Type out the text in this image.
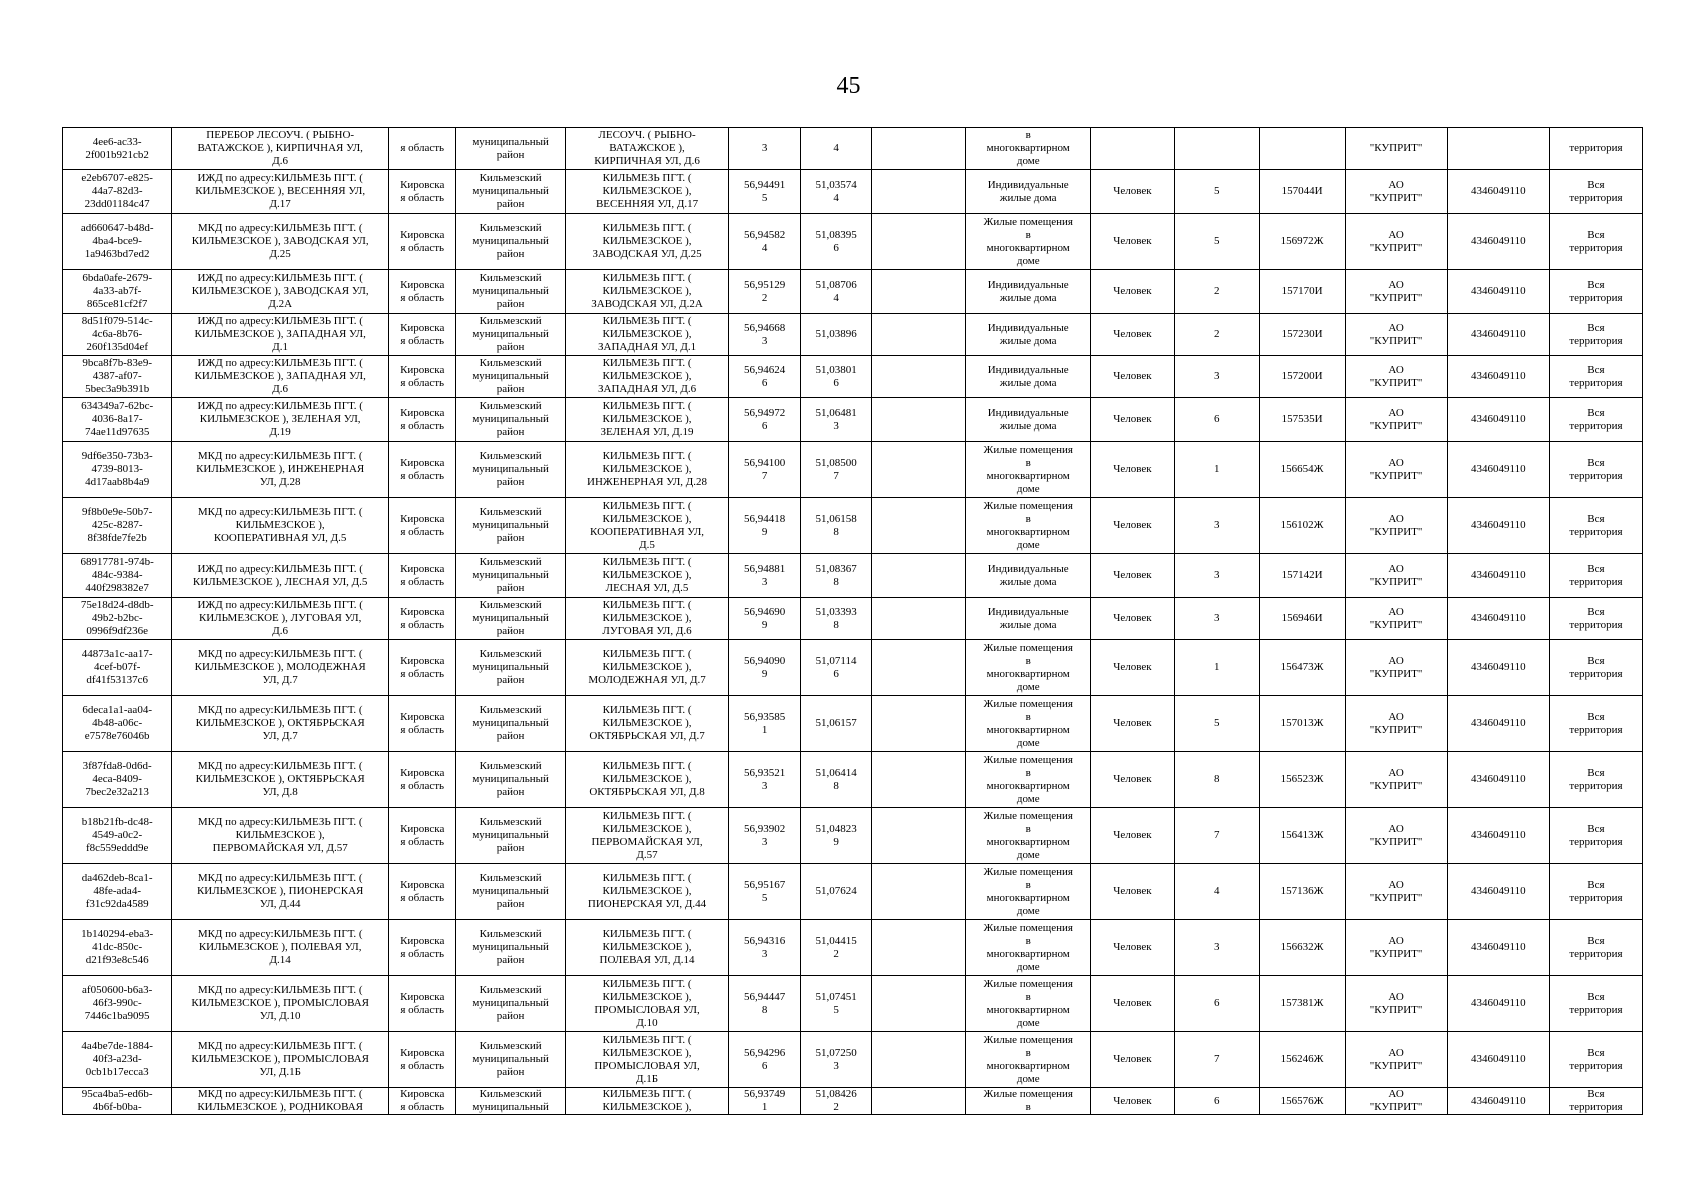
45
4ee6-ac33-
2f001b921cb2	ПЕРЕБОР ЛЕСОУЧ. ( РЫБНО-
ВАТАЖСКОЕ ), КИРПИЧНАЯ УЛ,
Д.6	я область	муниципальный
район	ЛЕСОУЧ. ( РЫБНО-
ВАТАЖСКОЕ ),
КИРПИЧНАЯ УЛ, Д.6	3	4		в
многоквартирном
доме				"КУПРИТ"		территория

e2eb6707-e825-
44a7-82d3-
23dd01184c47	ИЖД по адресу:КИЛЬМЕЗЬ ПГТ. (
КИЛЬМЕЗСКОЕ ), ВЕСЕННЯЯ УЛ,
Д.17	Кировска
я область	Кильмезский
муниципальный
район	КИЛЬМЕЗЬ ПГТ. (
КИЛЬМЕЗСКОЕ ),
ВЕСЕННЯЯ УЛ, Д.17	56,94491
5	51,03574
4		Индивидуальные
жилые дома	Человек	5	157044И	АО
"КУПРИТ"	4346049110	Вся
территория

ad660647-b48d-
4ba4-bce9-
1a9463bd7ed2	МКД по адресу:КИЛЬМЕЗЬ ПГТ. (
КИЛЬМЕЗСКОЕ ), ЗАВОДСКАЯ УЛ,
Д.25	Кировска
я область	Кильмезский
муниципальный
район	КИЛЬМЕЗЬ ПГТ. (
КИЛЬМЕЗСКОЕ ),
ЗАВОДСКАЯ УЛ, Д.25	56,94582
4	51,08395
6		Жилые помещения
в
многоквартирном
доме	Человек	5	156972Ж	АО
"КУПРИТ"	4346049110	Вся
территория

6bda0afe-2679-
4a33-ab7f-
865ce81cf2f7	ИЖД по адресу:КИЛЬМЕЗЬ ПГТ. (
КИЛЬМЕЗСКОЕ ), ЗАВОДСКАЯ УЛ,
Д.2А	Кировска
я область	Кильмезский
муниципальный
район	КИЛЬМЕЗЬ ПГТ. (
КИЛЬМЕЗСКОЕ ),
ЗАВОДСКАЯ УЛ, Д.2А	56,95129
2	51,08706
4		Индивидуальные
жилые дома	Человек	2	157170И	АО
"КУПРИТ"	4346049110	Вся
территория

8d51f079-514c-
4c6a-8b76-
260f135d04ef	ИЖД по адресу:КИЛЬМЕЗЬ ПГТ. (
КИЛЬМЕЗСКОЕ ), ЗАПАДНАЯ УЛ,
Д.1	Кировска
я область	Кильмезский
муниципальный
район	КИЛЬМЕЗЬ ПГТ. (
КИЛЬМЕЗСКОЕ ),
ЗАПАДНАЯ УЛ, Д.1	56,94668
3	51,03896		Индивидуальные
жилые дома	Человек	2	157230И	АО
"КУПРИТ"	4346049110	Вся
территория

9bca8f7b-83e9-
4387-af07-
5bec3a9b391b	ИЖД по адресу:КИЛЬМЕЗЬ ПГТ. (
КИЛЬМЕЗСКОЕ ), ЗАПАДНАЯ УЛ,
Д.6	Кировска
я область	Кильмезский
муниципальный
район	КИЛЬМЕЗЬ ПГТ. (
КИЛЬМЕЗСКОЕ ),
ЗАПАДНАЯ УЛ, Д.6	56,94624
6	51,03801
6		Индивидуальные
жилые дома	Человек	3	157200И	АО
"КУПРИТ"	4346049110	Вся
территория

634349a7-62bc-
4036-8a17-
74ae11d97635	ИЖД по адресу:КИЛЬМЕЗЬ ПГТ. (
КИЛЬМЕЗСКОЕ ), ЗЕЛЕНАЯ УЛ,
Д.19	Кировска
я область	Кильмезский
муниципальный
район	КИЛЬМЕЗЬ ПГТ. (
КИЛЬМЕЗСКОЕ ),
ЗЕЛЕНАЯ УЛ, Д.19	56,94972
6	51,06481
3		Индивидуальные
жилые дома	Человек	6	157535И	АО
"КУПРИТ"	4346049110	Вся
территория

9df6e350-73b3-
4739-8013-
4d17aab8b4a9	МКД по адресу:КИЛЬМЕЗЬ ПГТ. (
КИЛЬМЕЗСКОЕ ), ИНЖЕНЕРНАЯ
УЛ, Д.28	Кировска
я область	Кильмезский
муниципальный
район	КИЛЬМЕЗЬ ПГТ. (
КИЛЬМЕЗСКОЕ ),
ИНЖЕНЕРНАЯ УЛ, Д.28	56,94100
7	51,08500
7		Жилые помещения
в
многоквартирном
доме	Человек	1	156654Ж	АО
"КУПРИТ"	4346049110	Вся
территория

9f8b0e9e-50b7-
425c-8287-
8f38fde7fe2b	МКД по адресу:КИЛЬМЕЗЬ ПГТ. (
КИЛЬМЕЗСКОЕ ),
КООПЕРАТИВНАЯ УЛ, Д.5	Кировска
я область	Кильмезский
муниципальный
район	КИЛЬМЕЗЬ ПГТ. (
КИЛЬМЕЗСКОЕ ),
КООПЕРАТИВНАЯ УЛ,
Д.5	56,94418
9	51,06158
8		Жилые помещения
в
многоквартирном
доме	Человек	3	156102Ж	АО
"КУПРИТ"	4346049110	Вся
территория

68917781-974b-
484c-9384-
440f298382e7	ИЖД по адресу:КИЛЬМЕЗЬ ПГТ. (
КИЛЬМЕЗСКОЕ ), ЛЕСНАЯ УЛ, Д.5	Кировска
я область	Кильмезский
муниципальный
район	КИЛЬМЕЗЬ ПГТ. (
КИЛЬМЕЗСКОЕ ),
ЛЕСНАЯ УЛ, Д.5	56,94881
3	51,08367
8		Индивидуальные
жилые дома	Человек	3	157142И	АО
"КУПРИТ"	4346049110	Вся
территория

75e18d24-d8db-
49b2-b2bc-
0996f9df236e	ИЖД по адресу:КИЛЬМЕЗЬ ПГТ. (
КИЛЬМЕЗСКОЕ ), ЛУГОВАЯ УЛ,
Д.6	Кировска
я область	Кильмезский
муниципальный
район	КИЛЬМЕЗЬ ПГТ. (
КИЛЬМЕЗСКОЕ ),
ЛУГОВАЯ УЛ, Д.6	56,94690
9	51,03393
8		Индивидуальные
жилые дома	Человек	3	156946И	АО
"КУПРИТ"	4346049110	Вся
территория

44873a1c-aa17-
4cef-b07f-
df41f53137c6	МКД по адресу:КИЛЬМЕЗЬ ПГТ. (
КИЛЬМЕЗСКОЕ ), МОЛОДЕЖНАЯ
УЛ, Д.7	Кировска
я область	Кильмезский
муниципальный
район	КИЛЬМЕЗЬ ПГТ. (
КИЛЬМЕЗСКОЕ ),
МОЛОДЕЖНАЯ УЛ, Д.7	56,94090
9	51,07114
6		Жилые помещения
в
многоквартирном
доме	Человек	1	156473Ж	АО
"КУПРИТ"	4346049110	Вся
территория

6deca1a1-aa04-
4b48-a06c-
e7578e76046b	МКД по адресу:КИЛЬМЕЗЬ ПГТ. (
КИЛЬМЕЗСКОЕ ), ОКТЯБРЬСКАЯ
УЛ, Д.7	Кировска
я область	Кильмезский
муниципальный
район	КИЛЬМЕЗЬ ПГТ. (
КИЛЬМЕЗСКОЕ ),
ОКТЯБРЬСКАЯ УЛ, Д.7	56,93585
1	51,06157		Жилые помещения
в
многоквартирном
доме	Человек	5	157013Ж	АО
"КУПРИТ"	4346049110	Вся
территория

3f87fda8-0d6d-
4eca-8409-
7bec2e32a213	МКД по адресу:КИЛЬМЕЗЬ ПГТ. (
КИЛЬМЕЗСКОЕ ), ОКТЯБРЬСКАЯ
УЛ, Д.8	Кировска
я область	Кильмезский
муниципальный
район	КИЛЬМЕЗЬ ПГТ. (
КИЛЬМЕЗСКОЕ ),
ОКТЯБРЬСКАЯ УЛ, Д.8	56,93521
3	51,06414
8		Жилые помещения
в
многоквартирном
доме	Человек	8	156523Ж	АО
"КУПРИТ"	4346049110	Вся
территория

b18b21fb-dc48-
4549-a0c2-
f8c559eddd9e	МКД по адресу:КИЛЬМЕЗЬ ПГТ. (
КИЛЬМЕЗСКОЕ ),
ПЕРВОМАЙСКАЯ УЛ, Д.57	Кировска
я область	Кильмезский
муниципальный
район	КИЛЬМЕЗЬ ПГТ. (
КИЛЬМЕЗСКОЕ ),
ПЕРВОМАЙСКАЯ УЛ,
Д.57	56,93902
3	51,04823
9		Жилые помещения
в
многоквартирном
доме	Человек	7	156413Ж	АО
"КУПРИТ"	4346049110	Вся
территория

da462deb-8ca1-
48fe-ada4-
f31c92da4589	МКД по адресу:КИЛЬМЕЗЬ ПГТ. (
КИЛЬМЕЗСКОЕ ), ПИОНЕРСКАЯ
УЛ, Д.44	Кировска
я область	Кильмезский
муниципальный
район	КИЛЬМЕЗЬ ПГТ. (
КИЛЬМЕЗСКОЕ ),
ПИОНЕРСКАЯ УЛ, Д.44	56,95167
5	51,07624		Жилые помещения
в
многоквартирном
доме	Человек	4	157136Ж	АО
"КУПРИТ"	4346049110	Вся
территория

1b140294-eba3-
41dc-850c-
d21f93e8c546	МКД по адресу:КИЛЬМЕЗЬ ПГТ. (
КИЛЬМЕЗСКОЕ ), ПОЛЕВАЯ УЛ,
Д.14	Кировска
я область	Кильмезский
муниципальный
район	КИЛЬМЕЗЬ ПГТ. (
КИЛЬМЕЗСКОЕ ),
ПОЛЕВАЯ УЛ, Д.14	56,94316
3	51,04415
2		Жилые помещения
в
многоквартирном
доме	Человек	3	156632Ж	АО
"КУПРИТ"	4346049110	Вся
территория

af050600-b6a3-
46f3-990c-
7446c1ba9095	МКД по адресу:КИЛЬМЕЗЬ ПГТ. (
КИЛЬМЕЗСКОЕ ), ПРОМЫСЛОВАЯ
УЛ, Д.10	Кировска
я область	Кильмезский
муниципальный
район	КИЛЬМЕЗЬ ПГТ. (
КИЛЬМЕЗСКОЕ ),
ПРОМЫСЛОВАЯ УЛ,
Д.10	56,94447
8	51,07451
5		Жилые помещения
в
многоквартирном
доме	Человек	6	157381Ж	АО
"КУПРИТ"	4346049110	Вся
территория

4a4be7de-1884-
40f3-a23d-
0cb1b17ecca3	МКД по адресу:КИЛЬМЕЗЬ ПГТ. (
КИЛЬМЕЗСКОЕ ), ПРОМЫСЛОВАЯ
УЛ, Д.1Б	Кировска
я область	Кильмезский
муниципальный
район	КИЛЬМЕЗЬ ПГТ. (
КИЛЬМЕЗСКОЕ ),
ПРОМЫСЛОВАЯ УЛ,
Д.1Б	56,94296
6	51,07250
3		Жилые помещения
в
многоквартирном
доме	Человек	7	156246Ж	АО
"КУПРИТ"	4346049110	Вся
территория

95ca4ba5-ed6b-
4b6f-b0ba-	МКД по адресу:КИЛЬМЕЗЬ ПГТ. (
КИЛЬМЕЗСКОЕ ), РОДНИКОВАЯ	Кировска
я область	Кильмезский
муниципальный	КИЛЬМЕЗЬ ПГТ. (
КИЛЬМЕЗСКОЕ ),	56,93749
1	51,08426
2		Жилые помещения
в	Человек	6	156576Ж	АО
"КУПРИТ"	4346049110	Вся
территория
